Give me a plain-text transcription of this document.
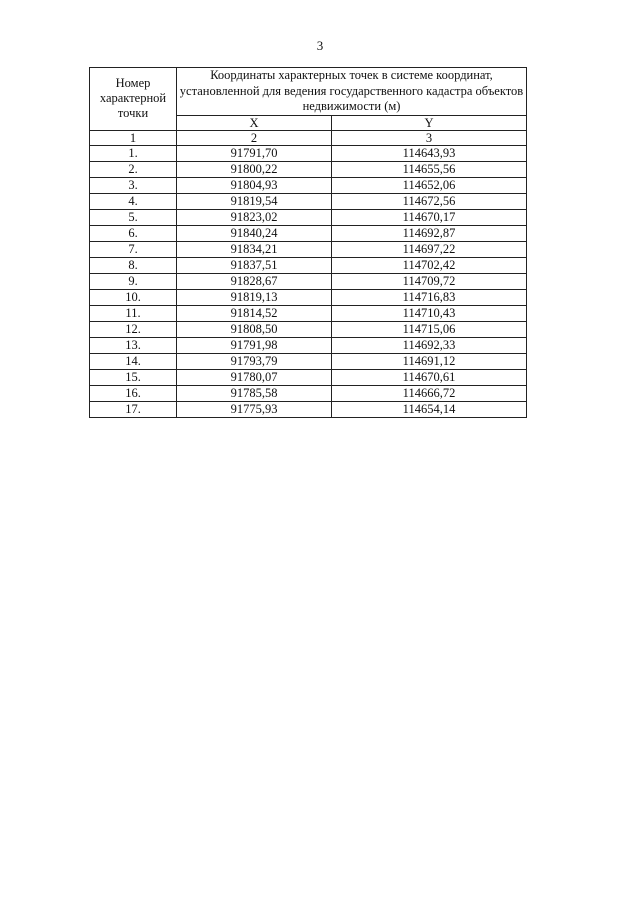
3
Номер характерной точки	Координаты характерных точек в системе координат, установленной для ведения государственного кадастра объектов недвижимости (м)	
	X	Y
1	2	3
1.	91791,70	114643,93
2.	91800,22	114655,56
3.	91804,93	114652,06
4.	91819,54	114672,56
5.	91823,02	114670,17
6.	91840,24	114692,87
7.	91834,21	114697,22
8.	91837,51	114702,42
9.	91828,67	114709,72
10.	91819,13	114716,83
11.	91814,52	114710,43
12.	91808,50	114715,06
13.	91791,98	114692,33
14.	91793,79	114691,12
15.	91780,07	114670,61
16.	91785,58	114666,72
17.	91775,93	114654,14
